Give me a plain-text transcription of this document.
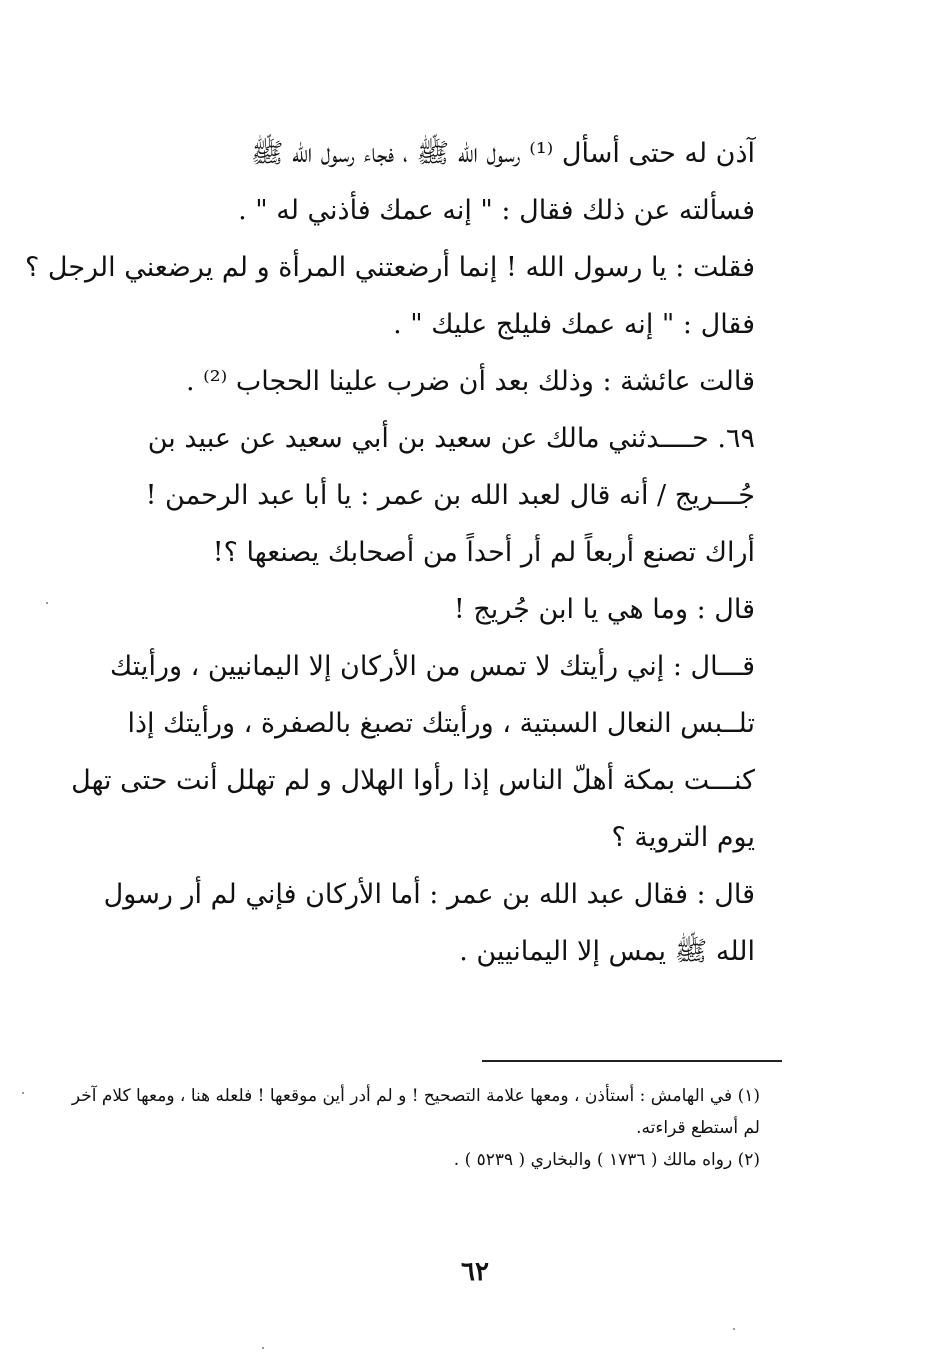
آذن له حتى أسأل ⁽¹⁾ رسول الله ﷺ ، فجاء رسول الله ﷺ
فسألته عن ذلك فقال : " إنه عمك فأذني له " .
فقلت : يا رسول الله ! إنما أرضعتني المرأة و لم يرضعني الرجل ؟
فقال : " إنه عمك فليلج عليك " .
قالت عائشة : وذلك بعد أن ضرب علينا الحجاب ⁽²⁾ .
٦٩. حــــدثني مالك عن سعيد بن أبي سعيد عن عبيد بن
جُـــريج / أنه قال لعبد الله بن عمر : يا أبا عبد الرحمن !
أراك تصنع أربعاً لم أر أحداً من أصحابك يصنعها ؟!
قال : وما هي يا ابن جُريج !
قـــال : إني رأيتك لا تمس من الأركان إلا اليمانيين ، ورأيتك
تلــبس النعال السبتية ، ورأيتك تصبغ بالصفرة ، ورأيتك إذا
كنـــت بمكة أهلّ الناس إذا رأوا الهلال و لم تهلل أنت حتى تهل
يوم التروية ؟
قال : فقال عبد الله بن عمر : أما الأركان فإني لم أر رسول
الله ﷺ يمس إلا اليمانيين .
(١) في الهامش : أستأذن ، ومعها علامة التصحيح ! و لم أدر أين موقعها ! فلعله هنا ، ومعها كلام آخر
لم أستطع قراءته.
(٢) رواه مالك ( ١٧٣٦ ) والبخاري ( ٥٢٣٩ ) .
٦٢
